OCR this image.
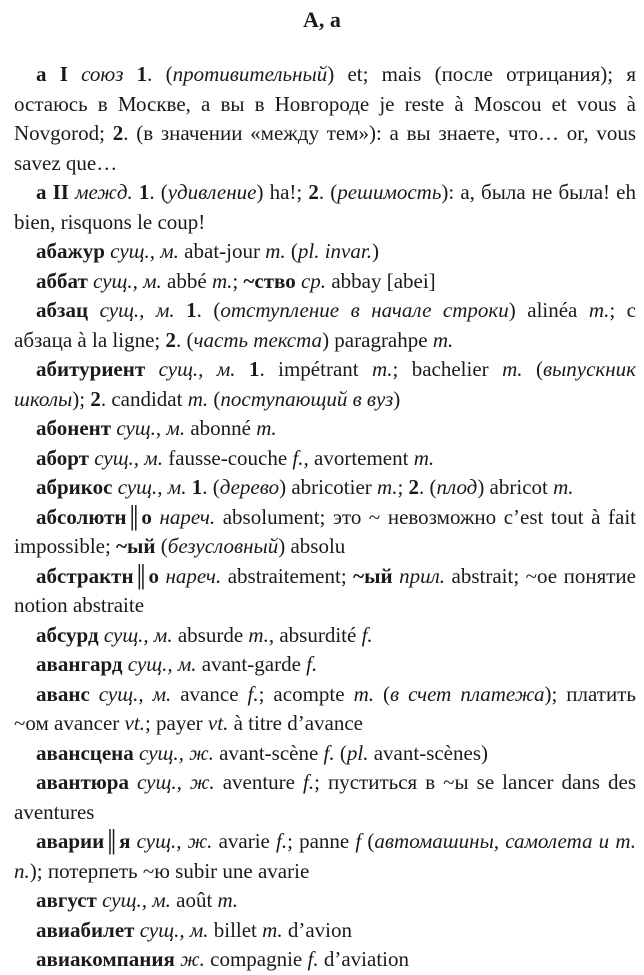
А, а

а I союз 1. (противительный) et; mais (после отрицания); я остаюсь в Москве, а вы в Новгороде je reste à Moscou et vous à Novgorod; 2. (в значении «между тем»): а вы знаете, что… or, vous savez que…

а II межд. 1. (удивление) ha!; 2. (решимость): а, была не была! eh bien, risquons le coup!

абажур сущ., м. abat-jour m. (pl. invar.)

аббат сущ., м. abbé m.; ~ство ср. abbay [abei]

абзац сущ., м. 1. (отступление в начале строки) alinéa m.; с абзаца à la ligne; 2. (часть текста) paragrahpe m.

абитуриент сущ., м. 1. impétrant m.; bachelier m. (выпускник школы); 2. candidat m. (поступающий в вуз)

абонент сущ., м. abonné m.

аборт сущ., м. fausse-couche f., avortement m.

абрикос сущ., м. 1. (дерево) abricotier m.; 2. (плод) abricot m.

абсолютн║о нареч. absolument; это ~ невозможно c’est tout à fait impossible; ~ый (безусловный) absolu

абстрактн║о нареч. abstraitement; ~ый прил. abstrait; ~ое понятие notion abstraite

абсурд сущ., м. absurde m., absurdité f.

авангард сущ., м. avant-garde f.

аванс сущ., м. avance f.; acompte m. (в счет платежа); платить ~ом avancer vt.; payer vt. à titre d’avance

авансцена сущ., ж. avant-scène f. (pl. avant-scènes)

авантюра сущ., ж. aventure f.; пуститься в ~ы se lancer dans des aventures

аварии║я сущ., ж. avarie f.; panne f (автомашины, самолета и т. п.); потерпеть ~ю subir une avarie

август сущ., м. août m.

авиабилет сущ., м. billet m. d’avion

авиакомпания ж. compagnie f. d’aviation
